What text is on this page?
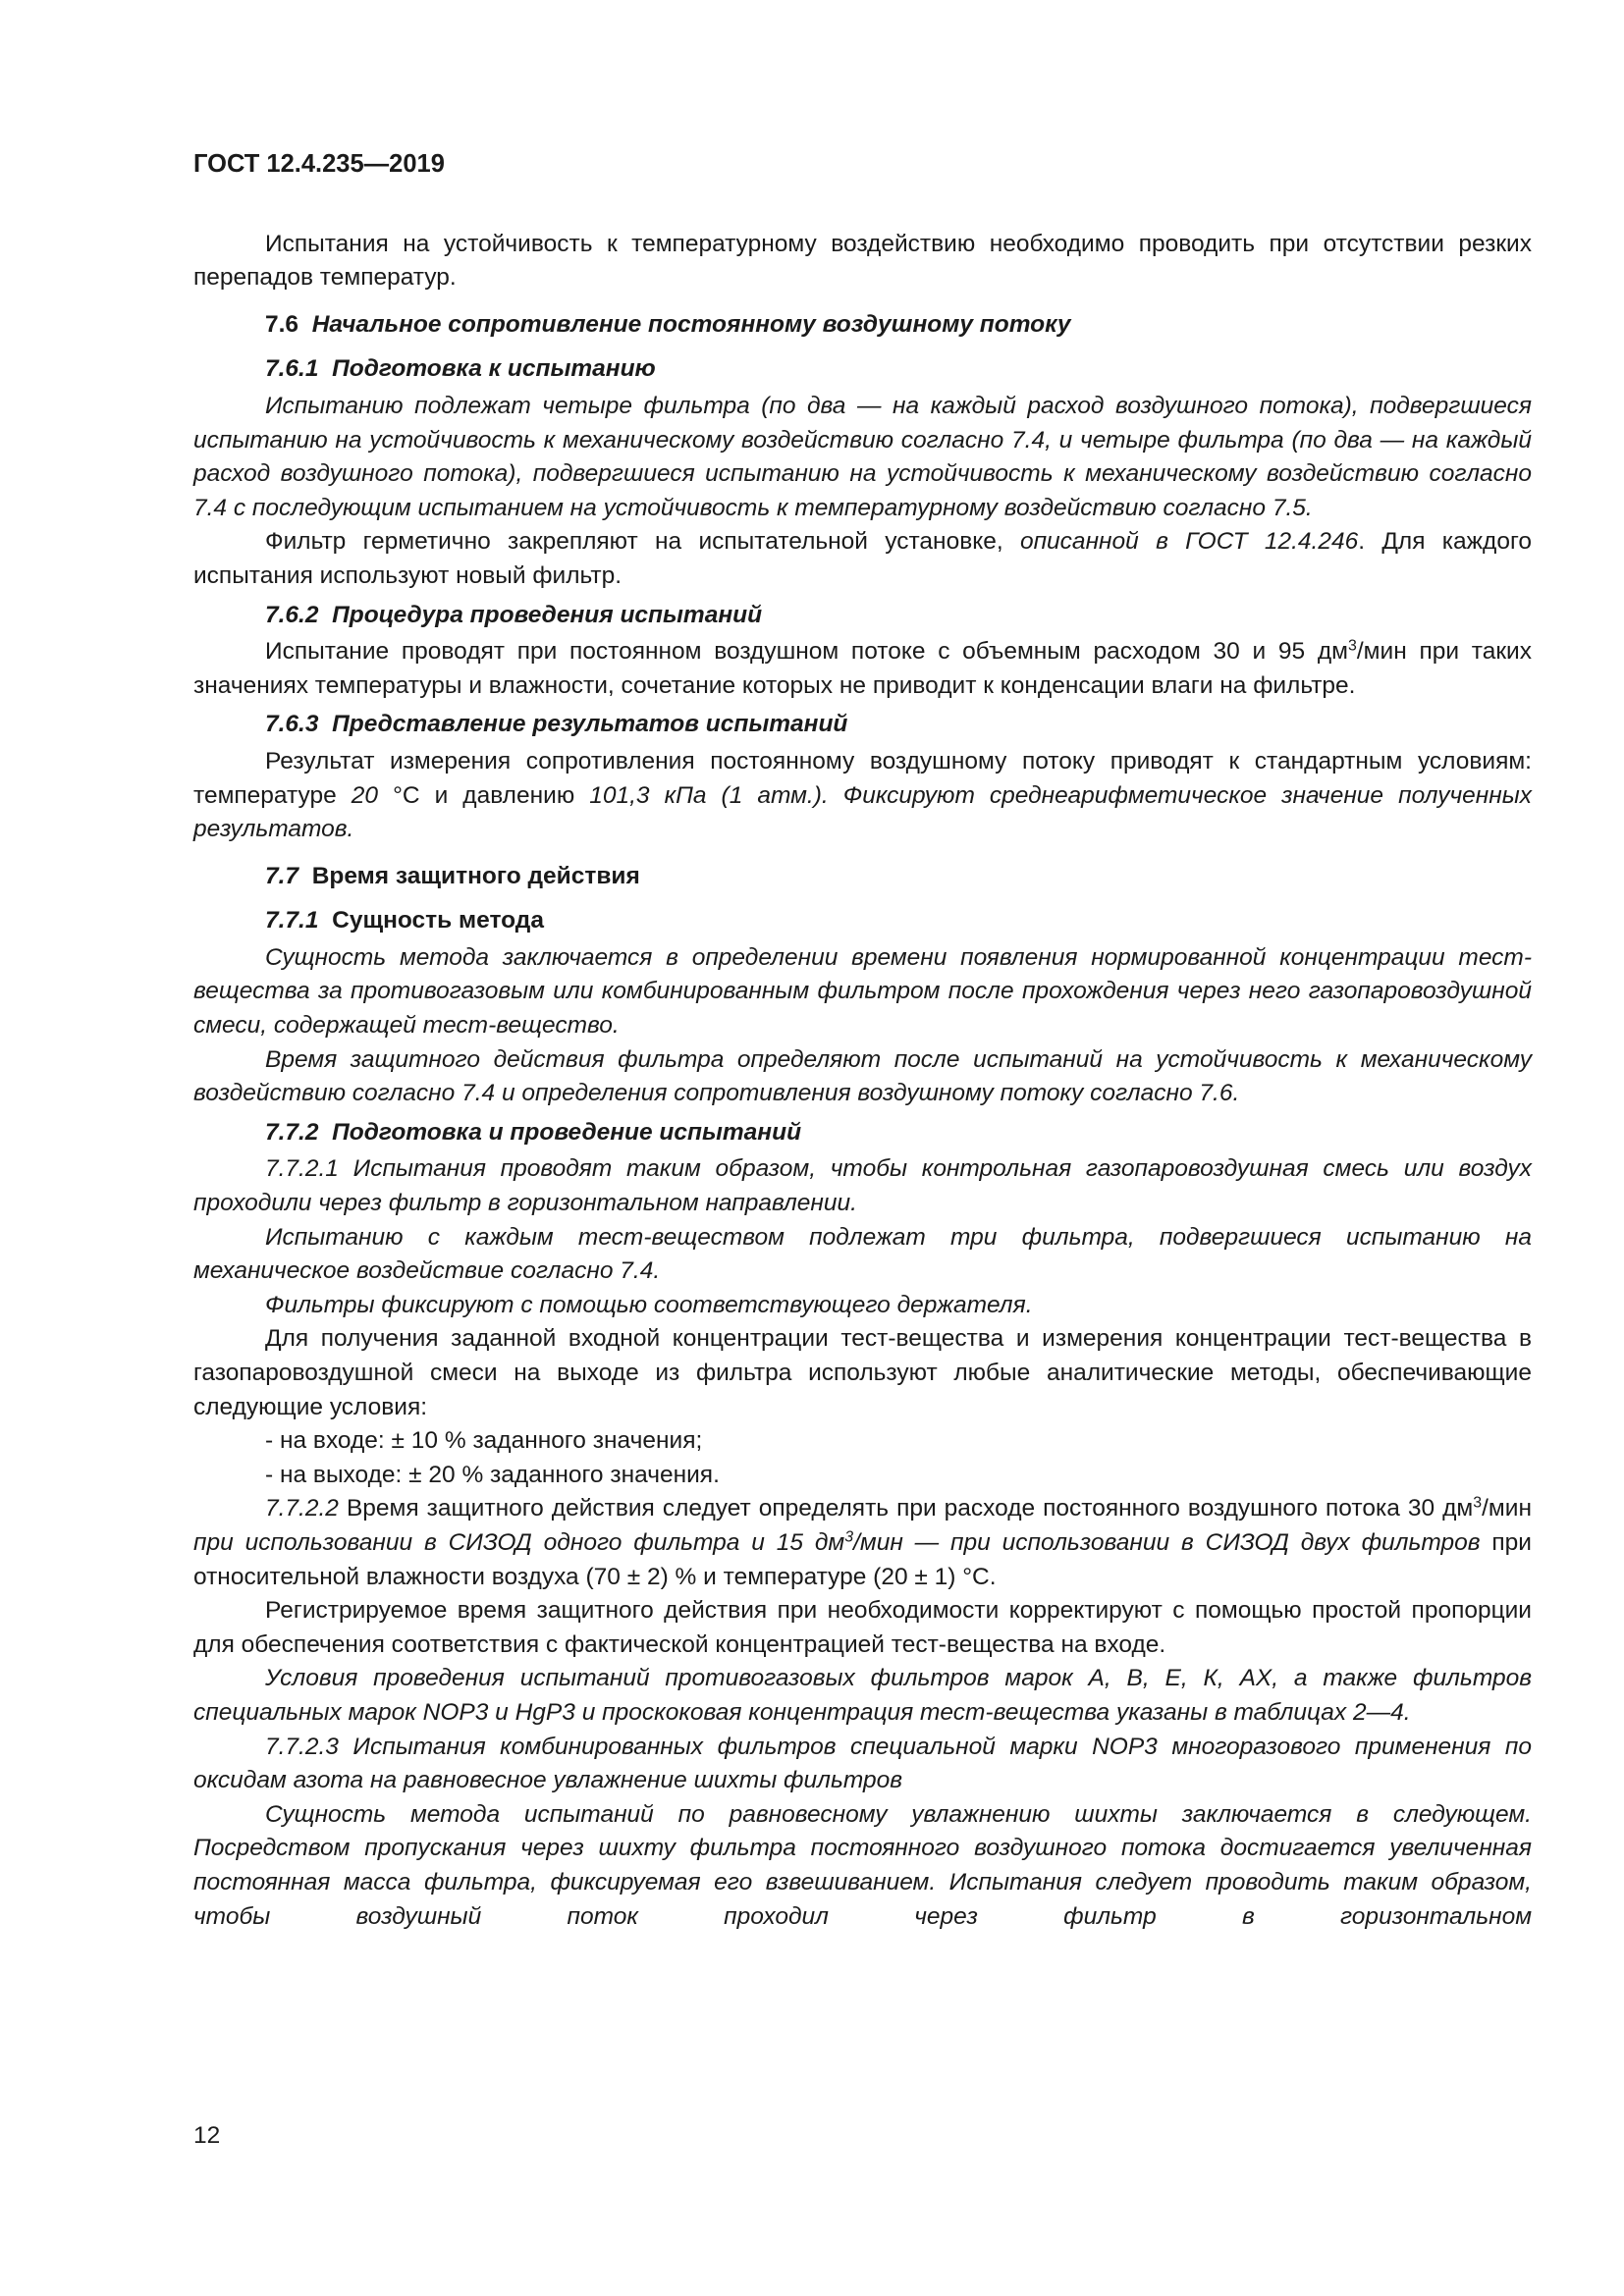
ГОСТ 12.4.235—2019

Испытания на устойчивость к температурному воздействию необходимо проводить при отсутствии резких перепадов температур.

7.6 Начальное сопротивление постоянному воздушному потоку
7.6.1 Подготовка к испытанию

Испытанию подлежат четыре фильтра (по два — на каждый расход воздушного потока), подвергшиеся испытанию на устойчивость к механическому воздействию согласно 7.4, и четыре фильтра (по два — на каждый расход воздушного потока), подвергшиеся испытанию на устойчивость к механическому воздействию согласно 7.4 с последующим испытанием на устойчивость к температурному воздействию согласно 7.5.

Фильтр герметично закрепляют на испытательной установке, описанной в ГОСТ 12.4.246. Для каждого испытания используют новый фильтр.

7.6.2 Процедура проведения испытаний

Испытание проводят при постоянном воздушном потоке с объемным расходом 30 и 95 $дм^3$/мин при таких значениях температуры и влажности, сочетание которых не приводит к конденсации влаги на фильтре.

7.6.3 Представление результатов испытаний

Результат измерения сопротивления постоянному воздушному потоку приводят к стандартным условиям: температуре 20 °С и давлению 101,3 кПа (1 атм.). Фиксируют среднеарифметическое значение полученных результатов.

7.7 Время защитного действия
7.7.1 Сущность метода

Сущность метода заключается в определении времени появления нормированной концентрации тест-вещества за противогазовым или комбинированным фильтром после прохождения через него газопаровоздушной смеси, содержащей тест-вещество.

Время защитного действия фильтра определяют после испытаний на устойчивость к механическому воздействию согласно 7.4 и определения сопротивления воздушному потоку согласно 7.6.

7.7.2 Подготовка и проведение испытаний

7.7.2.1 Испытания проводят таким образом, чтобы контрольная газопаровоздушная смесь или воздух проходили через фильтр в горизонтальном направлении.

Испытанию с каждым тест-веществом подлежат три фильтра, подвергшиеся испытанию на механическое воздействие согласно 7.4.

Фильтры фиксируют с помощью соответствующего держателя.

Для получения заданной входной концентрации тест-вещества и измерения концентрации тест-вещества в газопаровоздушной смеси на выходе из фильтра используют любые аналитические методы, обеспечивающие следующие условия:

- на входе: ± 10 % заданного значения;

- на выходе: ± 20 % заданного значения.

7.7.2.2 Время защитного действия следует определять при расходе постоянного воздушного потока 30 $дм^3$/мин при использовании в СИЗОД одного фильтра и 15 $дм^3$/мин — при использовании в СИЗОД двух фильтров при относительной влажности воздуха (70 ± 2) % и температуре (20 ± 1) °С.

Регистрируемое время защитного действия при необходимости корректируют с помощью простой пропорции для обеспечения соответствия с фактической концентрацией тест-вещества на входе.

Условия проведения испытаний противогазовых фильтров марок А, В, Е, К, АХ, а также фильтров специальных марок NOP3 и HgP3 и проскоковая концентрация тест-вещества указаны в таблицах 2—4.

7.7.2.3 Испытания комбинированных фильтров специальной марки NOP3 многоразового применения по оксидам азота на равновесное увлажнение шихты фильтров

Сущность метода испытаний по равновесному увлажнению шихты заключается в следующем. Посредством пропускания через шихту фильтра постоянного воздушного потока достигается увеличенная постоянная масса фильтра, фиксируемая его взвешиванием. Испытания следует проводить таким образом, чтобы воздушный поток проходил через фильтр в горизонтальном

12
